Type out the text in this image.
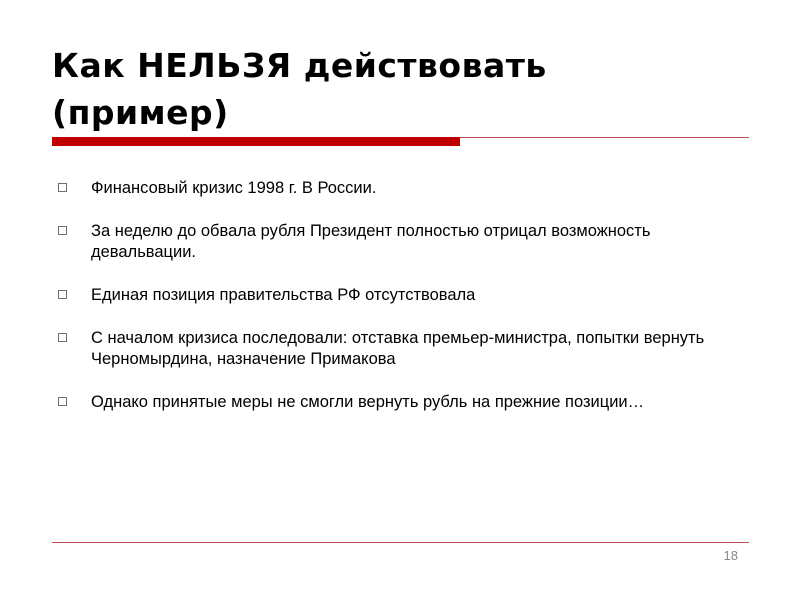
Как НЕЛЬЗЯ действовать
(пример)
Финансовый кризис 1998 г. В России.
За неделю до обвала рубля Президент полностью отрицал возможность девальвации.
Единая позиция правительства РФ отсутствовала
С началом кризиса последовали: отставка премьер-министра, попытки вернуть Черномырдина, назначение Примакова
Однако принятые меры не смогли вернуть рубль на прежние позиции…
18
